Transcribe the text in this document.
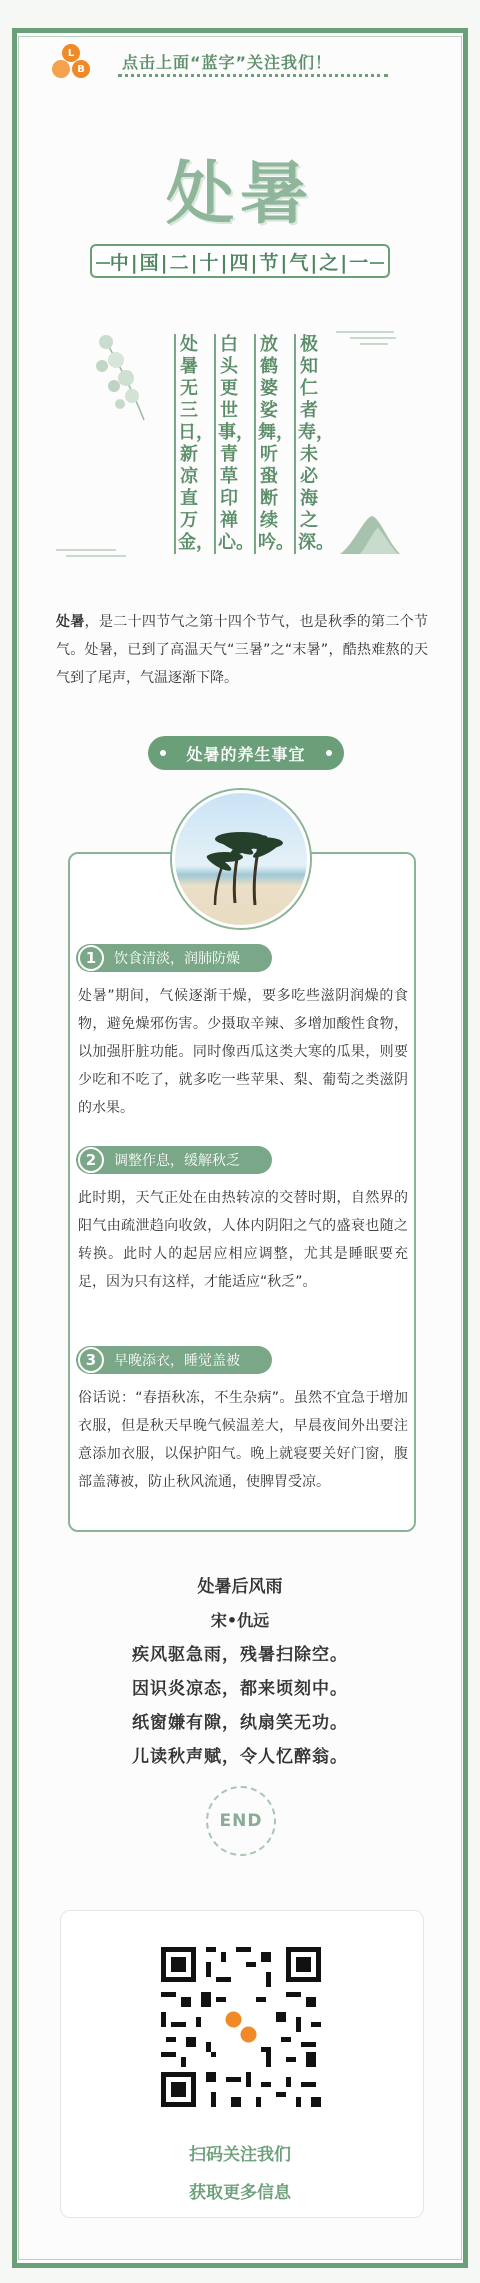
L
B	点击上面“蓝字”关注我们！
处暑
中|国|二|十|四|节|气|之|一
处暑无三日，新凉直万金，
白头更世事，青草印禅心。
放鹤婆娑舞，听蛩断续吟。
极知仁者寿，未必海之深。
处暑，是二十四节气之第十四个节气，也是秋季的第二个节气。处暑，已到了高温天气“三暑”之“末暑”，酷热难熬的天气到了尾声，气温逐渐下降。
处暑的养生事宜
1	饮食清淡，润肺防燥
处暑”期间，气候逐渐干燥，要多吃些滋阴润燥的食物，避免燥邪伤害。少摄取辛辣、多增加酸性食物，以加强肝脏功能。同时像西瓜这类大寒的瓜果，则要少吃和不吃了，就多吃一些苹果、梨、葡萄之类滋阴的水果。
2	调整作息，缓解秋乏
此时期，天气正处在由热转凉的交替时期，自然界的阳气由疏泄趋向收敛，人体内阴阳之气的盛衰也随之转换。此时人的起居应相应调整，尤其是睡眠要充足，因为只有这样，才能适应“秋乏”。
3	早晚添衣，睡觉盖被
俗话说：“春捂秋冻，不生杂病”。虽然不宜急于增加衣服，但是秋天早晚气候温差大，早晨夜间外出要注意添加衣服，以保护阳气。晚上就寝要关好门窗，腹部盖薄被，防止秋风流通，使脾胃受凉。
处暑后风雨
宋•仇远
疾风驱急雨，残暑扫除空。
因识炎凉态，都来顷刻中。
纸窗嫌有隙，纨扇笑无功。
儿读秋声赋，令人忆醉翁。
END
扫码关注我们
获取更多信息
